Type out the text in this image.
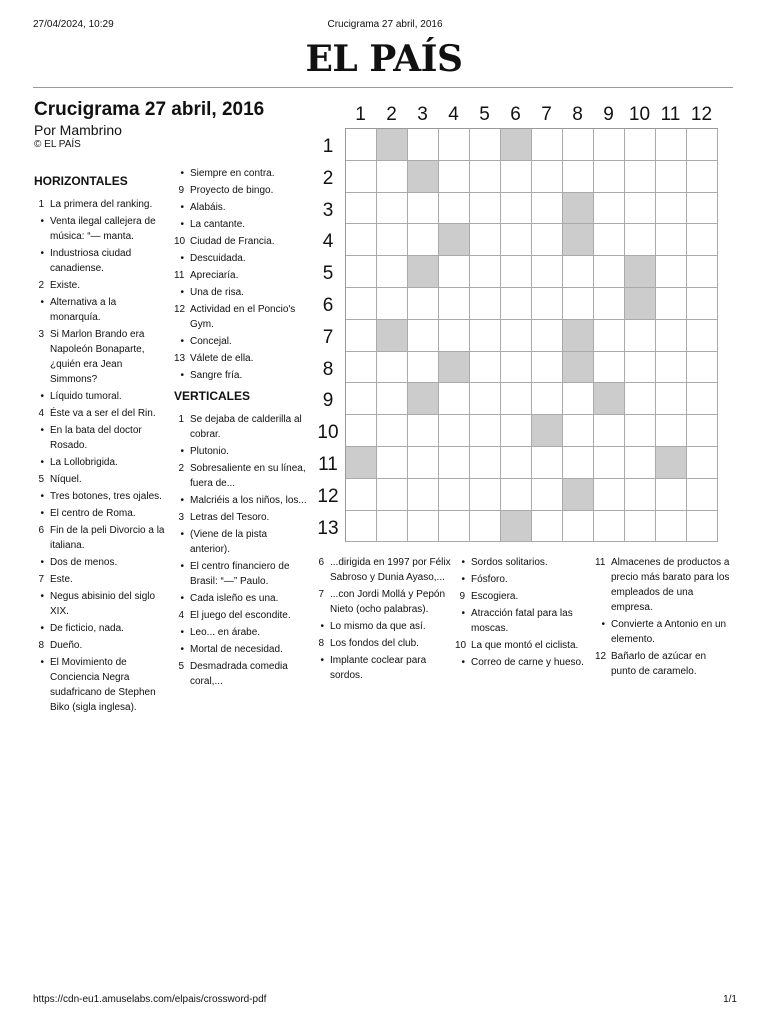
27/04/2024, 10:29	Crucigrama 27 abril, 2016
EL PAÍS
Crucigrama 27 abril, 2016
Por Mambrino
© EL PAÍS
HORIZONTALES
1 La primera del ranking.
• Venta ilegal callejera de música: “— manta.
• Industriosa ciudad canadiense.
2 Existe.
• Alternativa a la monarquía.
3 Si Marlon Brando era Napoleón Bonaparte, ¿quién era Jean Simmons?
• Líquido tumoral.
4 Éste va a ser el del Rin.
• En la bata del doctor Rosado.
• La Lollobrigida.
5 Níquel.
• Tres botones, tres ojales.
• El centro de Roma.
6 Fin de la peli Divorcio a la italiana.
• Dos de menos.
7 Este.
• Negus abisinio del siglo XIX.
• De ficticio, nada.
8 Dueño.
• El Movimiento de Conciencia Negra sudafricano de Stephen Biko (sigla inglesa).
• Siempre en contra.
9 Proyecto de bingo.
• Alabáis.
• La cantante.
10 Ciudad de Francia.
• Descuidada.
11 Apreciaría.
• Una de risa.
12 Actividad en el Poncio's Gym.
• Concejal.
13 Válete de ella.
• Sangre fría.
VERTICALES
1 Se dejaba de calderilla al cobrar.
• Plutonio.
2 Sobresaliente en su línea, fuera de...
• Malcriéis a los niños, los...
3 Letras del Tesoro.
• (Viene de la pista anterior).
• El centro financiero de Brasil: “—” Paulo.
• Cada isleño es una.
4 El juego del escondite.
• Leo... en árabe.
• Mortal de necesidad.
5 Desmadrada comedia coral,...
6 ...dirigida en 1997 por Félix Sabroso y Dunia Ayaso,...
7 ...con Jordi Mollá y Pepón Nieto (ocho palabras).
• Lo mismo da que así.
8 Los fondos del club.
• Implante coclear para sordos.
• Sordos solitarios.
• Fósforo.
9 Escogiera.
• Atracción fatal para las moscas.
10 La que montó el ciclista.
• Correo de carne y hueso.
11 Almacenes de productos a precio más barato para los empleados de una empresa.
• Convierte a Antonio en un elemento.
12 Bañarlo de azúcar en punto de caramelo.
1	2	3	4	5	6	7	8	9 10 11 12
1
2
3
4
5
6
7
8
9
10
11
12
13
https://cdn-eu1.amuselabs.com/elpais/crossword-pdf	1/1
